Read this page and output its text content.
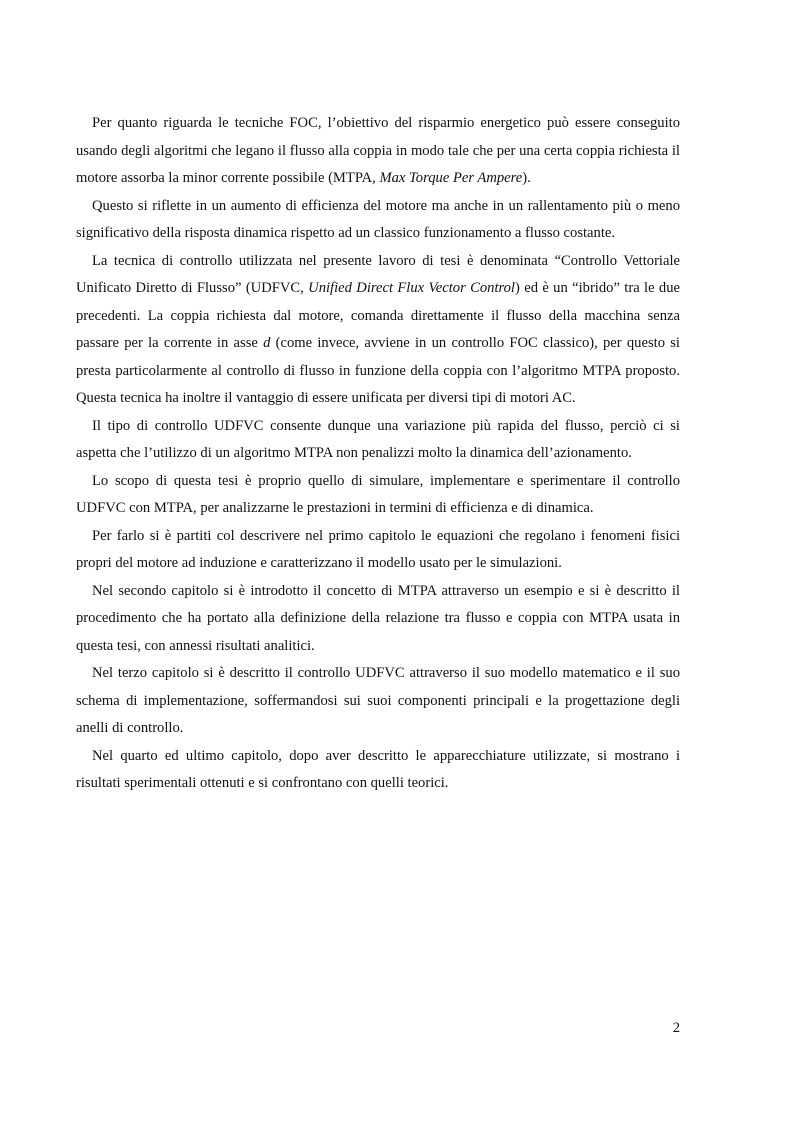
Per quanto riguarda le tecniche FOC, l’obiettivo del risparmio energetico può essere conseguito usando degli algoritmi che legano il flusso alla coppia in modo tale che per una certa coppia richiesta il motore assorba la minor corrente possibile (MTPA, Max Torque Per Ampere).

Questo si riflette in un aumento di efficienza del motore ma anche in un rallentamento più o meno significativo della risposta dinamica rispetto ad un classico funzionamento a flusso costante.

La tecnica di controllo utilizzata nel presente lavoro di tesi è denominata “Controllo Vettoriale Unificato Diretto di Flusso” (UDFVC, Unified Direct Flux Vector Control) ed è un “ibrido” tra le due precedenti. La coppia richiesta dal motore, comanda direttamente il flusso della macchina senza passare per la corrente in asse d (come invece, avviene in un controllo FOC classico), per questo si presta particolarmente al controllo di flusso in funzione della coppia con l’algoritmo MTPA proposto. Questa tecnica ha inoltre il vantaggio di essere unificata per diversi tipi di motori AC.

Il tipo di controllo UDFVC consente dunque una variazione più rapida del flusso, perciò ci si aspetta che l’utilizzo di un algoritmo MTPA non penalizzi molto la dinamica dell’azionamento.

Lo scopo di questa tesi è proprio quello di simulare, implementare e sperimentare il controllo UDFVC con MTPA, per analizzarne le prestazioni in termini di efficienza e di dinamica.

Per farlo si è partiti col descrivere nel primo capitolo le equazioni che regolano i fenomeni fisici propri del motore ad induzione e caratterizzano il modello usato per le simulazioni.

Nel secondo capitolo si è introdotto il concetto di MTPA attraverso un esempio e si è descritto il procedimento che ha portato alla definizione della relazione tra flusso e coppia con MTPA usata in questa tesi, con annessi risultati analitici.

Nel terzo capitolo si è descritto il controllo UDFVC attraverso il suo modello matematico e il suo schema di implementazione, soffermandosi sui suoi componenti principali e la progettazione degli anelli di controllo.

Nel quarto ed ultimo capitolo, dopo aver descritto le apparecchiature utilizzate, si mostrano i risultati sperimentali ottenuti e si confrontano con quelli teorici.

2
